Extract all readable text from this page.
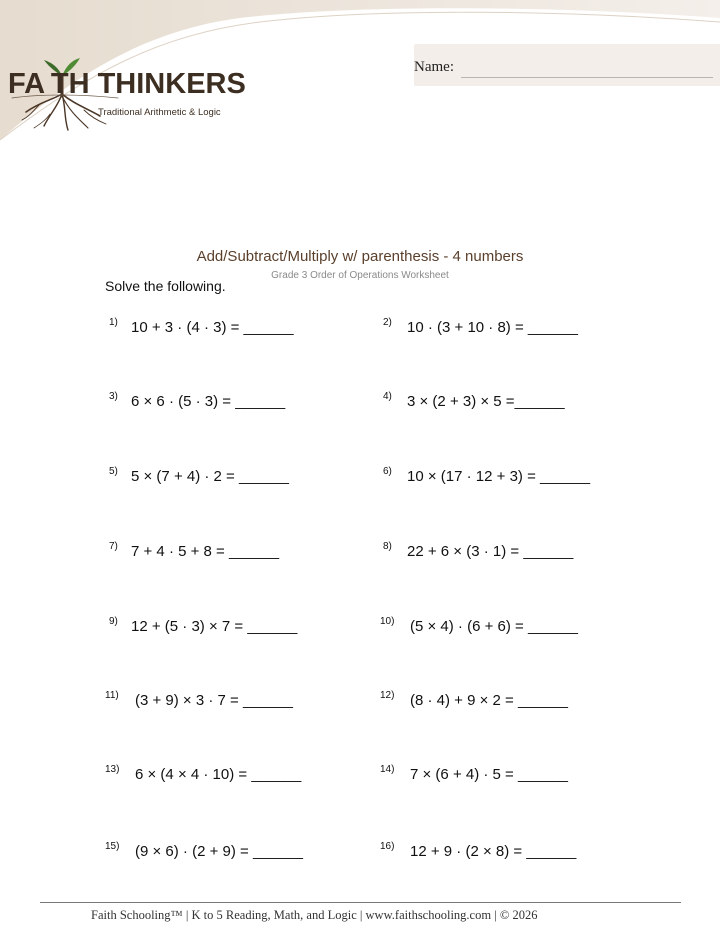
FA  TH THINKERS
Traditional Arithmetic & Logic
Name:
Add/Subtract/Multiply w/ parenthesis - 4 numbers
Grade 3 Order of Operations Worksheet
Solve the following.
1) 10 + 3 · (4 · 3) = ______	2) 10 · (3 + 10 · 8) = ______
3) 6 × 6 · (5 · 3) = ______	4) 3 × (2 + 3) × 5 =______
5) 5 × (7 + 4) · 2 = ______	6) 10 × (17 · 12 + 3) = ______
7) 7 + 4 · 5 + 8 = ______	8) 22 + 6 × (3 · 1) = ______
9) 12 + (5 · 3) × 7 = ______	10) (5 × 4) · (6 + 6) = ______
11) (3 + 9) × 3 · 7 = ______	12) (8 · 4) + 9 × 2 = ______
13) 6 × (4 × 4 · 10) = ______	14) 7 × (6 + 4) · 5 = ______
15) (9 × 6) · (2 + 9) = ______	16) 12 + 9 · (2 × 8) = ______
Faith Schooling™ | K to 5 Reading, Math, and Logic | www.faithschooling.com | © 2026
